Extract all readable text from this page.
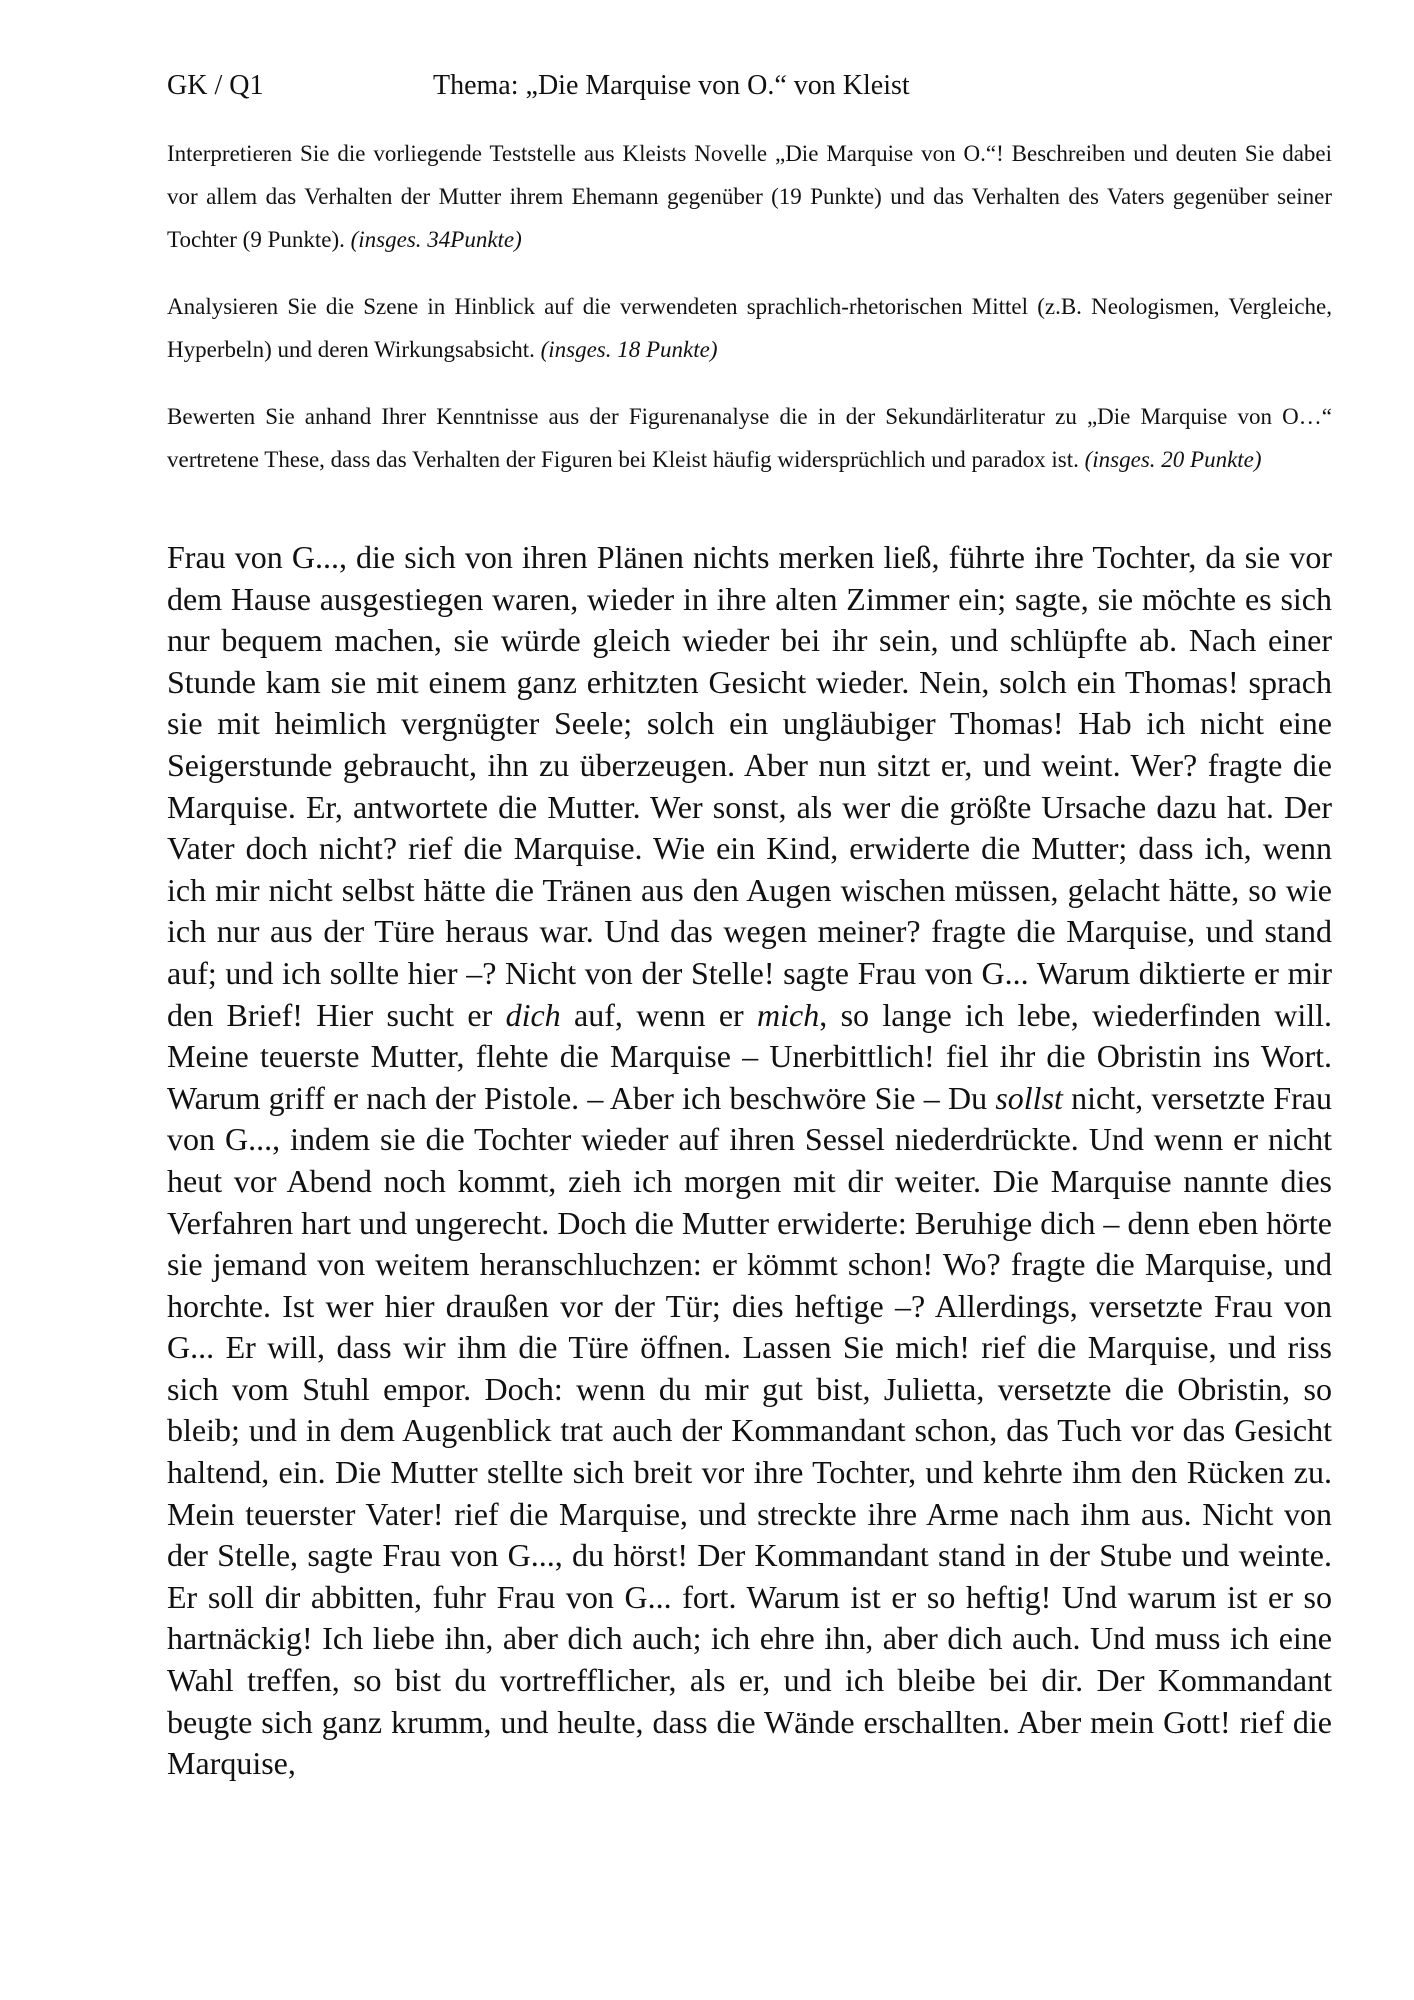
GK / Q1	Thema: „Die Marquise von O.“ von Kleist

Interpretieren Sie die vorliegende Teststelle aus Kleists Novelle „Die Marquise von O.“! Beschreiben und deuten Sie dabei vor allem das Verhalten der Mutter ihrem Ehemann gegenüber (19 Punkte) und das Verhalten des Vaters gegenüber seiner Tochter (9 Punkte). (insges. 34Punkte)

Analysieren Sie die Szene in Hinblick auf die verwendeten sprachlich-rhetorischen Mittel (z.B. Neologismen, Vergleiche, Hyperbeln) und deren Wirkungsabsicht. (insges. 18 Punkte)

Bewerten Sie anhand Ihrer Kenntnisse aus der Figurenanalyse die in der Sekundärliteratur zu „Die Marquise von O…“ vertretene These, dass das Verhalten der Figuren bei Kleist häufig widersprüchlich und paradox ist. (insges. 20 Punkte)

Frau von G..., die sich von ihren Plänen nichts merken ließ, führte ihre Tochter, da sie vor dem Hause ausgestiegen waren, wieder in ihre alten Zimmer ein; sagte, sie möchte es sich nur bequem machen, sie würde gleich wieder bei ihr sein, und schlüpfte ab. Nach einer Stunde kam sie mit einem ganz erhitzten Gesicht wieder. Nein, solch ein Thomas! sprach sie mit heimlich vergnügter Seele; solch ein ungläubiger Thomas! Hab ich nicht eine Seigerstunde gebraucht, ihn zu überzeugen. Aber nun sitzt er, und weint. Wer? fragte die Marquise. Er, antwortete die Mutter. Wer sonst, als wer die größte Ursache dazu hat. Der Vater doch nicht? rief die Marquise. Wie ein Kind, erwiderte die Mutter; dass ich, wenn ich mir nicht selbst hätte die Tränen aus den Augen wischen müssen, gelacht hätte, so wie ich nur aus der Türe heraus war. Und das wegen meiner? fragte die Marquise, und stand auf; und ich sollte hier –? Nicht von der Stelle! sagte Frau von G... Warum diktierte er mir den Brief! Hier sucht er dich auf, wenn er mich, so lange ich lebe, wiederfinden will. Meine teuerste Mutter, flehte die Marquise – Unerbittlich! fiel ihr die Obristin ins Wort. Warum griff er nach der Pistole. – Aber ich beschwöre Sie – Du sollst nicht, versetzte Frau von G..., indem sie die Tochter wieder auf ihren Sessel niederdrückte. Und wenn er nicht heut vor Abend noch kommt, zieh ich morgen mit dir weiter. Die Marquise nannte dies Verfahren hart und ungerecht. Doch die Mutter erwiderte: Beruhige dich – denn eben hörte sie jemand von weitem heranschluchzen: er kömmt schon! Wo? fragte die Marquise, und horchte. Ist wer hier draußen vor der Tür; dies heftige –? Allerdings, versetzte Frau von G... Er will, dass wir ihm die Türe öffnen. Lassen Sie mich! rief die Marquise, und riss sich vom Stuhl empor. Doch: wenn du mir gut bist, Julietta, versetzte die Obristin, so bleib; und in dem Augenblick trat auch der Kommandant schon, das Tuch vor das Gesicht haltend, ein. Die Mutter stellte sich breit vor ihre Tochter, und kehrte ihm den Rücken zu. Mein teuerster Vater! rief die Marquise, und streckte ihre Arme nach ihm aus. Nicht von der Stelle, sagte Frau von G..., du hörst! Der Kommandant stand in der Stube und weinte. Er soll dir abbitten, fuhr Frau von G... fort. Warum ist er so heftig! Und warum ist er so hartnäckig! Ich liebe ihn, aber dich auch; ich ehre ihn, aber dich auch. Und muss ich eine Wahl treffen, so bist du vortrefflicher, als er, und ich bleibe bei dir. Der Kommandant beugte sich ganz krumm, und heulte, dass die Wände erschallten. Aber mein Gott! rief die Marquise,
